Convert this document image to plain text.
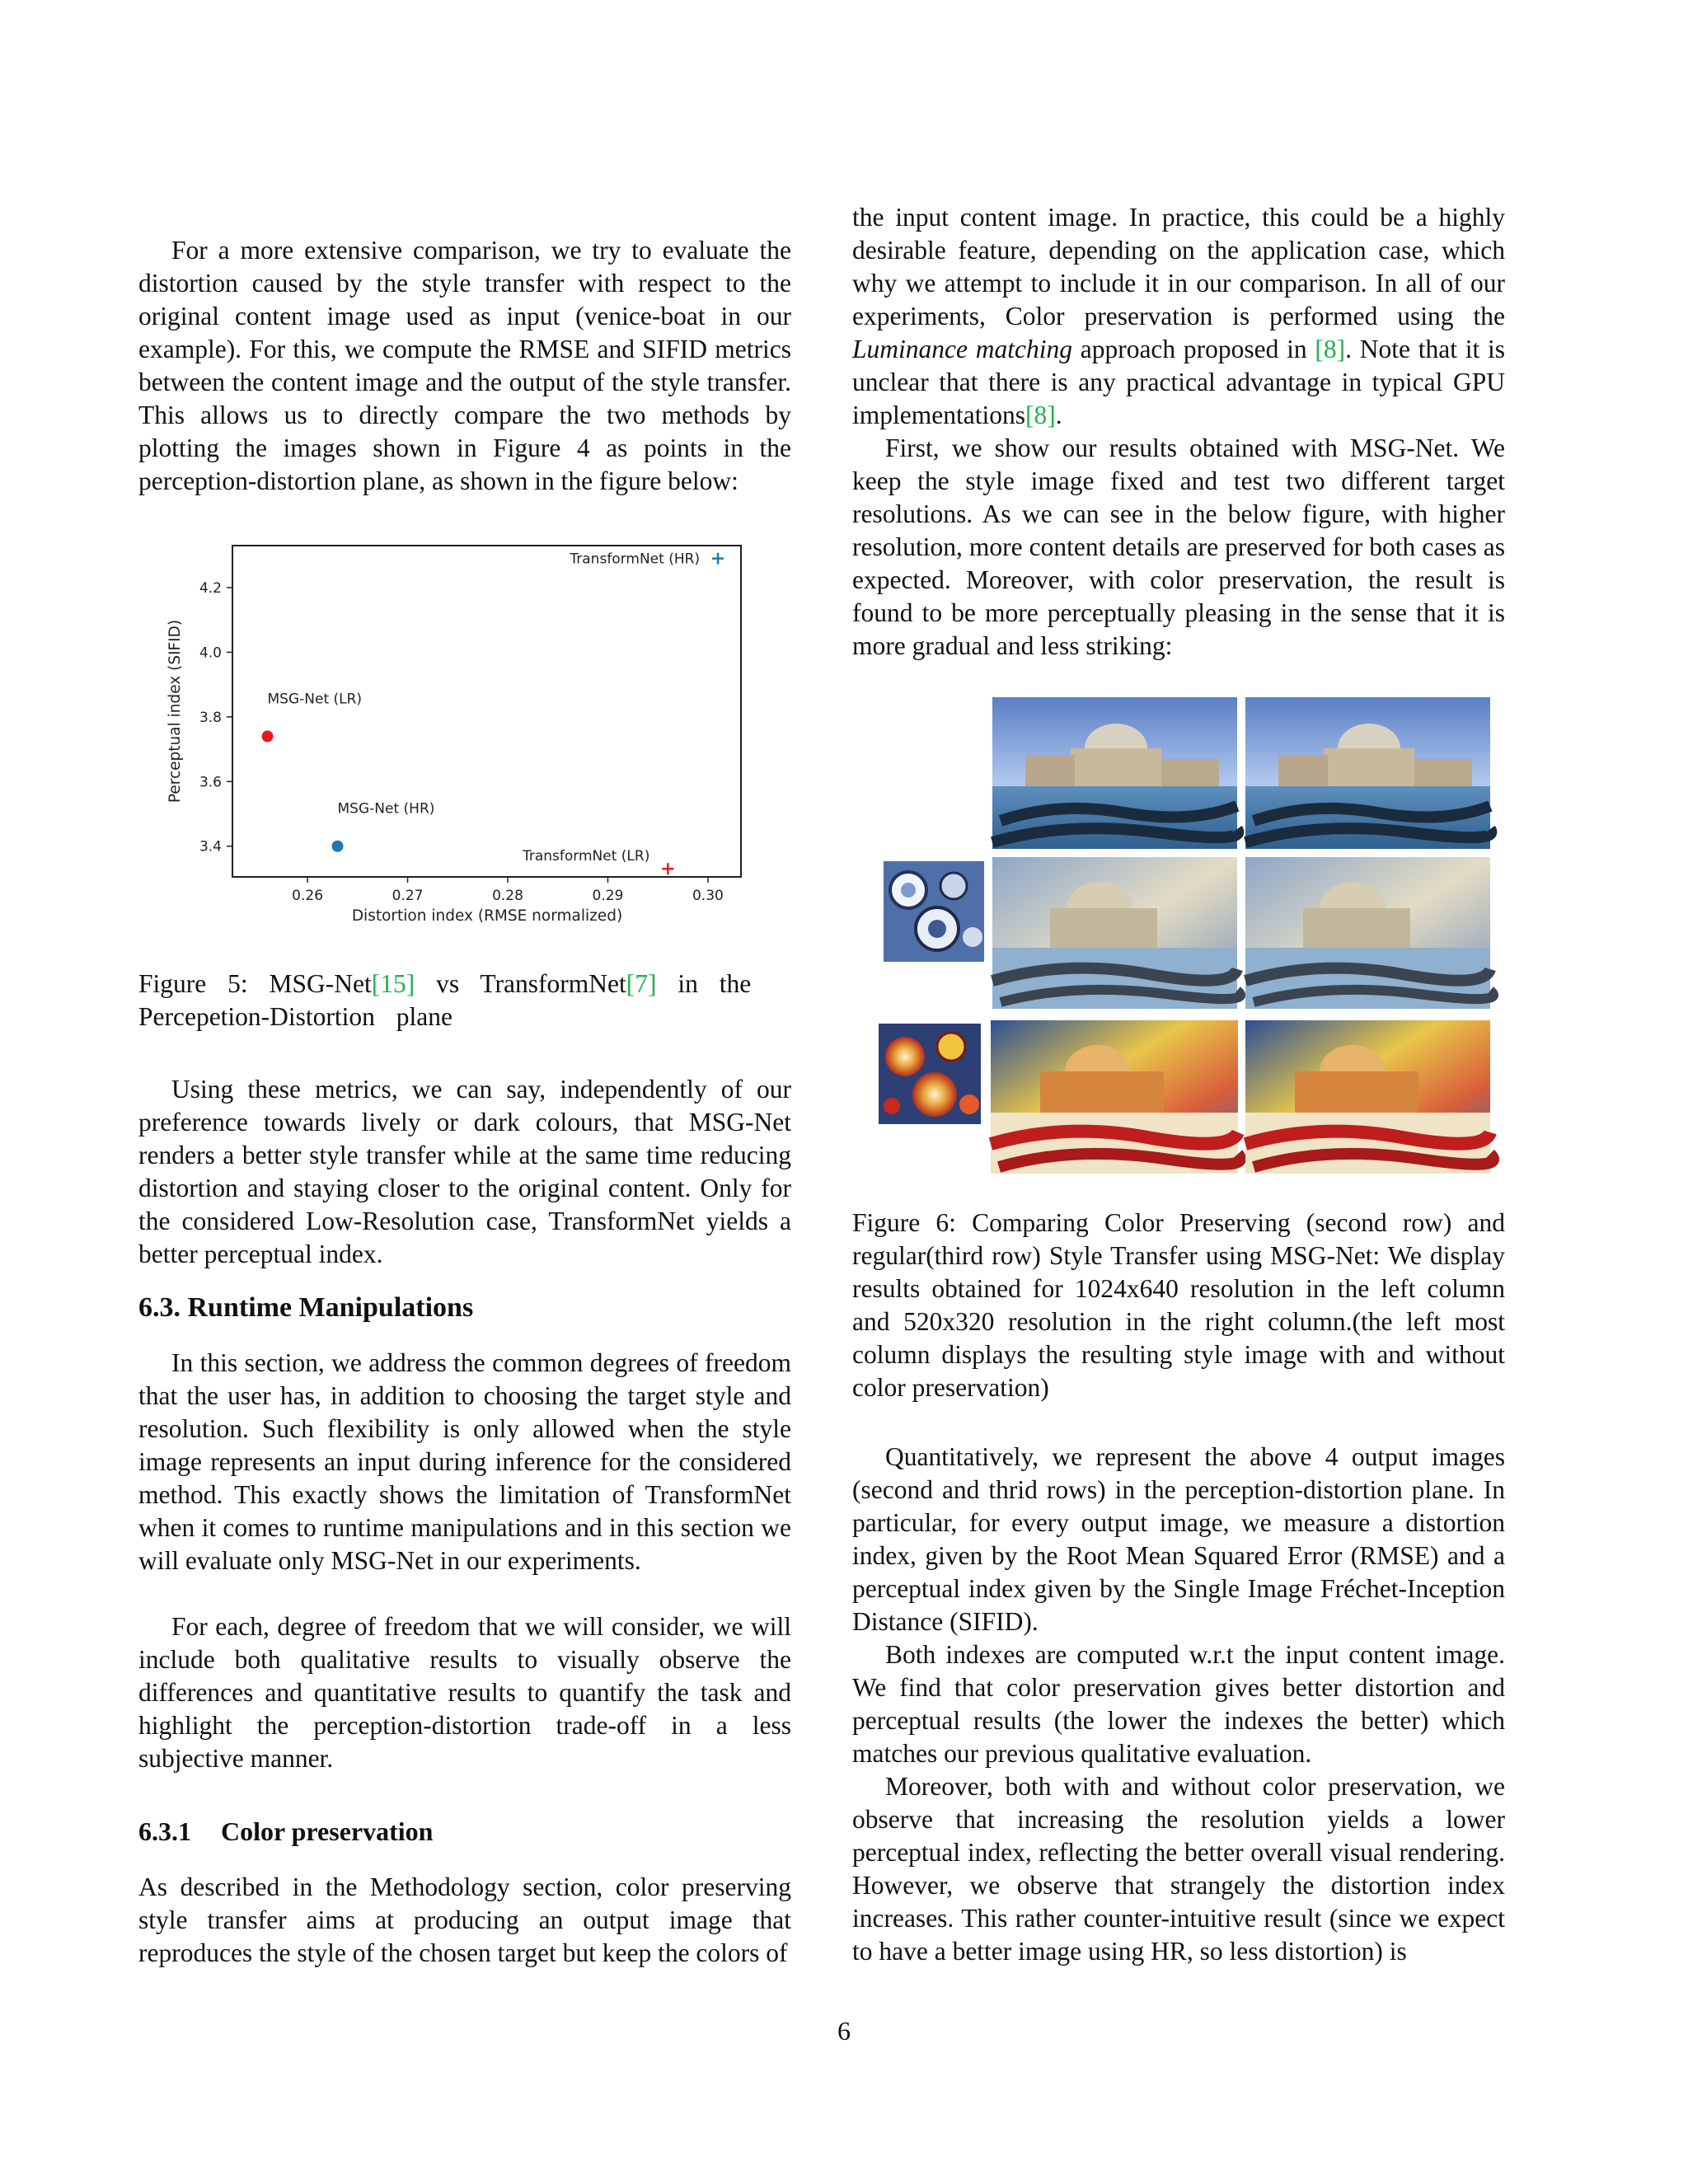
For a more extensive comparison, we try to evaluate the distortion caused by the style transfer with respect to the original content image used as input (venice-boat in our example). For this, we compute the RMSE and SIFID metrics between the content image and the output of the style transfer. This allows us to directly compare the two methods by plotting the images shown in Figure 4 as points in the perception-distortion plane, as shown in the figure below:

0.26	0.27	0.28	0.29	0.30
3.4
3.6
3.8
4.0
4.2
MSG-Net (LR)
MSG-Net (HR)
TransformNet (HR)
TransformNet (LR)
Distortion index (RMSE normalized)
Perceptual index (SIFID)

Figure 5: MSG-Net[15] vs TransformNet[7] in the Percepetion-Distortion plane

Using these metrics, we can say, independently of our preference towards lively or dark colours, that MSG-Net renders a better style transfer while at the same time reducing distortion and staying closer to the original content. Only for the considered Low-Resolution case, TransformNet yields a better perceptual index.

6.3. Runtime Manipulations

In this section, we address the common degrees of freedom that the user has, in addition to choosing the target style and resolution. Such flexibility is only allowed when the style image represents an input during inference for the considered method. This exactly shows the limitation of TransformNet when it comes to runtime manipulations and in this section we will evaluate only MSG-Net in our experiments.

For each, degree of freedom that we will consider, we will include both qualitative results to visually observe the differences and quantitative results to quantify the task and highlight the perception-distortion trade-off in a less subjective manner.

6.3.1 Color preservation

As described in the Methodology section, color preserving style transfer aims at producing an output image that reproduces the style of the chosen target but keep the colors of

the input content image. In practice, this could be a highly desirable feature, depending on the application case, which why we attempt to include it in our comparison. In all of our experiments, Color preservation is performed using the Luminance matching approach proposed in [8]. Note that it is unclear that there is any practical advantage in typical GPU implementations[8].

First, we show our results obtained with MSG-Net. We keep the style image fixed and test two different target resolutions. As we can see in the below figure, with higher resolution, more content details are preserved for both cases as expected. Moreover, with color preservation, the result is found to be more perceptually pleasing in the sense that it is more gradual and less striking:

Figure 6: Comparing Color Preserving (second row) and regular(third row) Style Transfer using MSG-Net: We display results obtained for 1024x640 resolution in the left column and 520x320 resolution in the right column.(the left most column displays the resulting style image with and without color preservation)

Quantitatively, we represent the above 4 output images (second and thrid rows) in the perception-distortion plane. In particular, for every output image, we measure a distortion index, given by the Root Mean Squared Error (RMSE) and a perceptual index given by the Single Image Fréchet-Inception Distance (SIFID).

Both indexes are computed w.r.t the input content image. We find that color preservation gives better distortion and perceptual results (the lower the indexes the better) which matches our previous qualitative evaluation.

Moreover, both with and without color preservation, we observe that increasing the resolution yields a lower perceptual index, reflecting the better overall visual rendering. However, we observe that strangely the distortion index increases. This rather counter-intuitive result (since we expect to have a better image using HR, so less distortion) is

6
